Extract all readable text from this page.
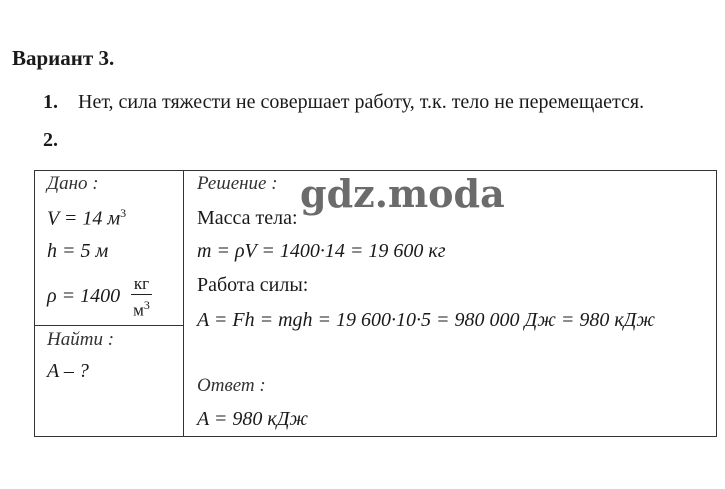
Вариант 3.
1. Нет, сила тяжести не совершает работу, т.к. тело не перемещается.
2.
Дано :
V = 14 $м^3$
h = 5 м
$\rho = 1400 \frac{кг}{м^3}$
Найти :
A – ?
Решение :
Масса тела:
m = ρV = 1400·14 = 19 600 кг
Работа силы:
A = Fh = mgh = 19 600·10·5 = 980 000 Дж = 980 кДж
Ответ :
A = 980 кДж
gdz.moda
